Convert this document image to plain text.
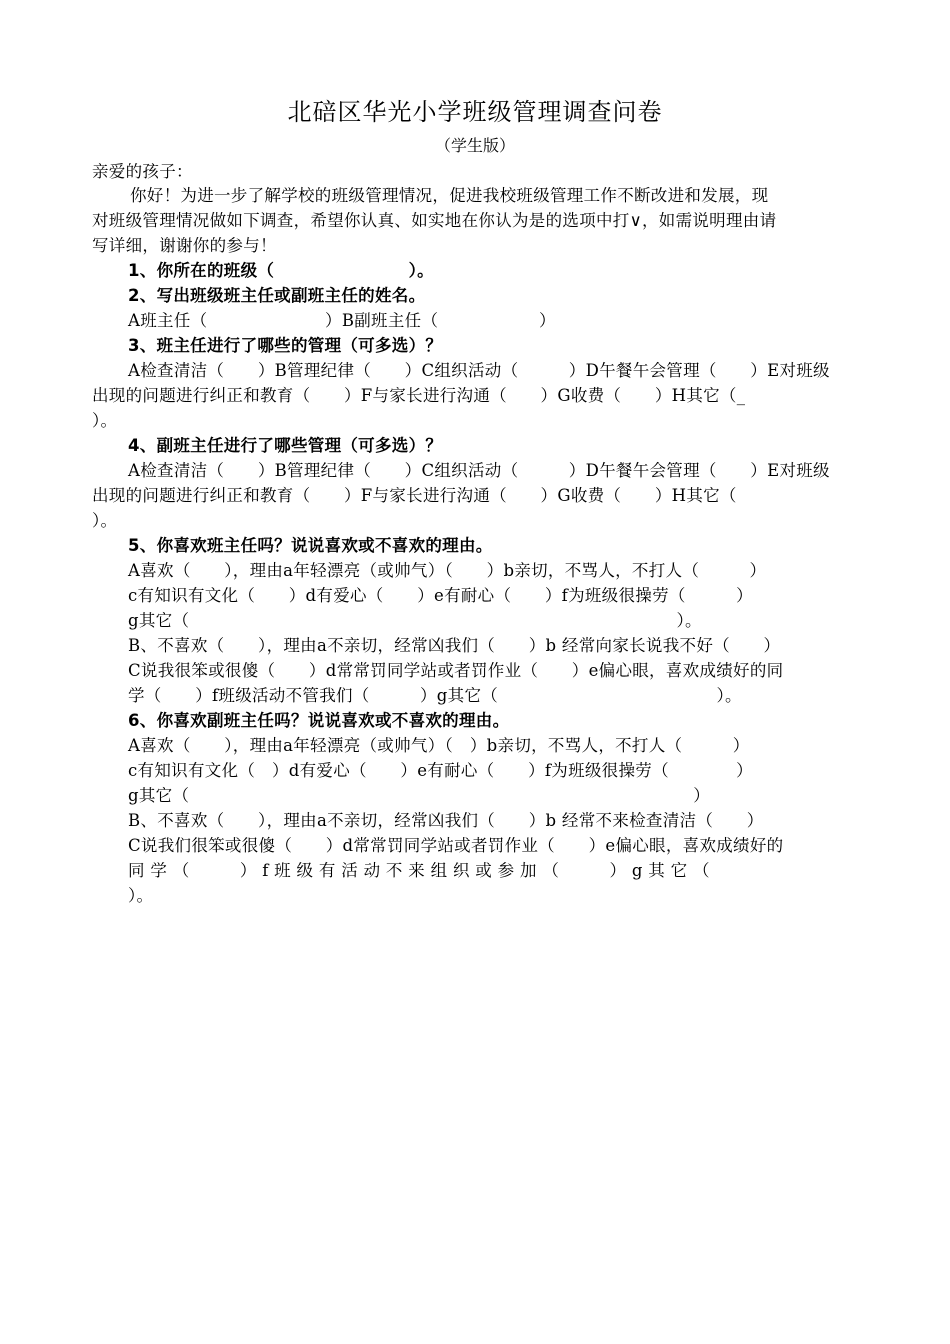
北碚区华光小学班级管理调查问卷
（学生版）
亲爱的孩子：
你好！为进一步了解学校的班级管理情况，促进我校班级管理工作不断改进和发展，现
对班级管理情况做如下调查，希望你认真、如实地在你认为是的选项中打∨，如需说明理由请
写详细，谢谢你的参与！
1、你所在的班级（　　　　　　　　）。
2、写出班级班主任或副班主任的姓名。
A班主任（　　　　　　　）B副班主任（　　　　　　）
3、班主任进行了哪些的管理（可多选）？
A检查清洁（　　）B管理纪律（　　）C组织活动（　　　）D午餐午会管理（　　）E对班级
出现的问题进行纠正和教育（　　）F与家长进行沟通（　　）G收费（　　）H其它（_
）。
4、副班主任进行了哪些管理（可多选）？
A检查清洁（　　）B管理纪律（　　）C组织活动（　　　）D午餐午会管理（　　）E对班级
出现的问题进行纠正和教育（　　）F与家长进行沟通（　　）G收费（　　）H其它（
）。
5、你喜欢班主任吗？说说喜欢或不喜欢的理由。
A喜欢（　　），理由a年轻漂亮（或帅气）（　　）b亲切，不骂人，不打人（　　　）
c有知识有文化（　　）d有爱心（　　）e有耐心（　　）f为班级很操劳（　　　）
g其它（　　　　　　　　　　　　　　　　　　　　　　　　　　　　　）。
B、不喜欢（　　），理由a不亲切，经常凶我们（　　）b 经常向家长说我不好（　　）
C说我很笨或很傻（　　）d常常罚同学站或者罚作业（　　）e偏心眼，喜欢成绩好的同
学（　　）f班级活动不管我们（　　　）g其它（　　　　　　　　　　　　　）。
6、你喜欢副班主任吗？说说喜欢或不喜欢的理由。
A喜欢（　　），理由a年轻漂亮（或帅气）（　）b亲切，不骂人，不打人（　　　）
c有知识有文化（　）d有爱心（　　）e有耐心（　　）f为班级很操劳（　　　　）
g其它（　　　　　　　　　　　　　　　　　　　　　　　　　　　　　　）
B、不喜欢（　　），理由a不亲切，经常凶我们（　　）b 经常不来检查清洁（　　）
C说我们很笨或很傻（　　）d常常罚同学站或者罚作业（　　）e偏心眼，喜欢成绩好的
同 学 （　　　） f 班 级 有 活 动 不 来 组 织 或 参 加 （　　　） g 其 它 （
）。
